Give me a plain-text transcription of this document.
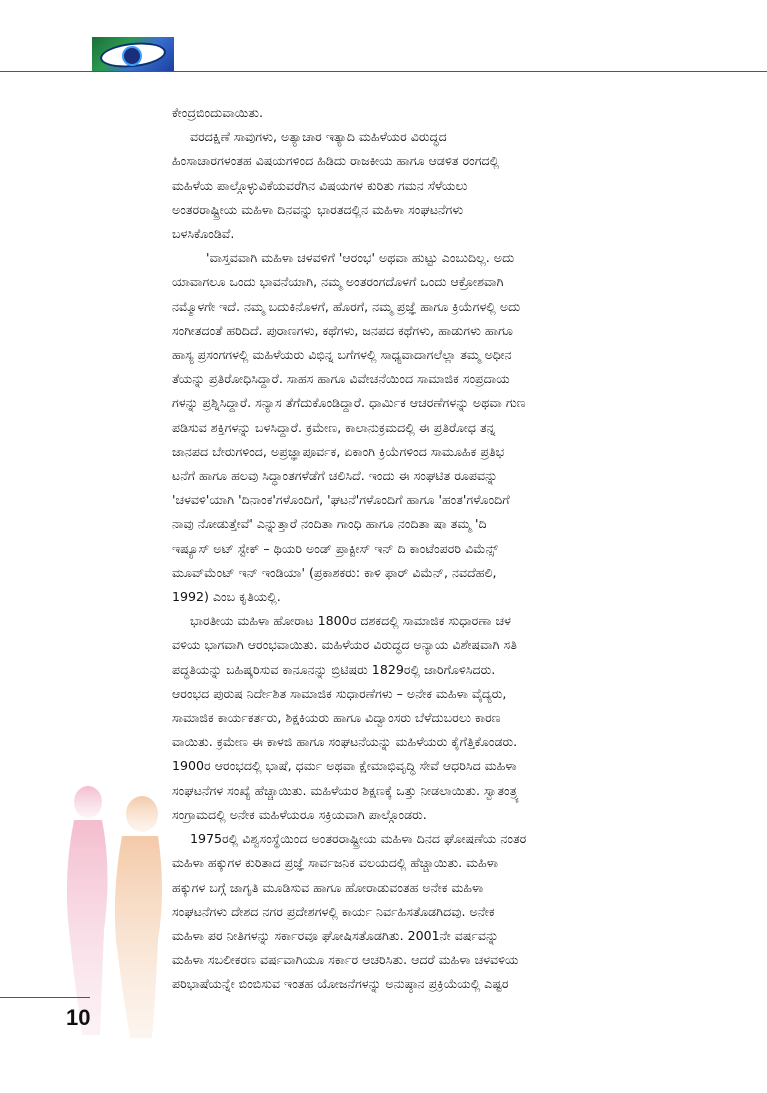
ಕೇಂದ್ರಬಿಂದುವಾಯಿತು.

ವರದಕ್ಷಿಣೆ ಸಾವುಗಳು, ಅತ್ಯಾಚಾರ ಇತ್ಯಾದಿ ಮಹಿಳೆಯರ ವಿರುದ್ಧದ
ಹಿಂಸಾಚಾರಗಳಂತಹ ವಿಷಯಗಳಿಂದ ಹಿಡಿದು ರಾಜಕೀಯ ಹಾಗೂ ಆಡಳಿತ ರಂಗದಲ್ಲಿ
ಮಹಿಳೆಯ ಪಾಲ್ಗೊಳ್ಳುವಿಕೆಯವರೆಗಿನ ವಿಷಯಗಳ ಕುರಿತು ಗಮನ ಸೆಳೆಯಲು
ಅಂತರರಾಷ್ಟ್ರೀಯ ಮಹಿಳಾ ದಿನವನ್ನು ಭಾರತದಲ್ಲಿನ ಮಹಿಳಾ ಸಂಘಟನೆಗಳು
ಬಳಸಿಕೊಂಡಿವೆ.

'ವಾಸ್ತವವಾಗಿ ಮಹಿಳಾ ಚಳವಳಿಗೆ 'ಆರಂಭ' ಅಥವಾ ಹುಟ್ಟು ಎಂಬುದಿಲ್ಲ. ಅದು
ಯಾವಾಗಲೂ ಒಂದು ಭಾವನೆಯಾಗಿ, ನಮ್ಮ ಅಂತರಂಗದೊಳಗೆ ಒಂದು ಆಕ್ರೋಶವಾಗಿ
ನಮ್ಮೊಳಗೇ ಇದೆ. ನಮ್ಮ ಬದುಕಿನೊಳಗೆ, ಹೊರಗೆ, ನಮ್ಮ ಪ್ರಜ್ಞೆ ಹಾಗೂ ಕ್ರಿಯೆಗಳಲ್ಲಿ ಅದು
ಸಂಗೀತದಂತೆ ಹರಿದಿದೆ. ಪುರಾಣಗಳು, ಕಥೆಗಳು, ಜನಪದ ಕಥೆಗಳು, ಹಾಡುಗಳು ಹಾಗೂ
ಹಾಸ್ಯ ಪ್ರಸಂಗಗಳಲ್ಲಿ ಮಹಿಳೆಯರು ವಿಭಿನ್ನ ಬಗೆಗಳಲ್ಲಿ ಸಾಧ್ಯವಾದಾಗಲೆಲ್ಲಾ ತಮ್ಮ ಅಧೀನ
ತೆಯನ್ನು ಪ್ರತಿರೋಧಿಸಿದ್ದಾರೆ. ಸಾಹಸ ಹಾಗೂ ವಿವೇಚನೆಯಿಂದ ಸಾಮಾಜಿಕ ಸಂಪ್ರದಾಯ
ಗಳನ್ನು ಪ್ರಶ್ನಿಸಿದ್ದಾರೆ. ಸನ್ಯಾಸ ತೆಗೆದುಕೊಂಡಿದ್ದಾರೆ. ಧಾರ್ಮಿಕ ಆಚರಣೆಗಳನ್ನು ಅಥವಾ ಗುಣ
ಪಡಿಸುವ ಶಕ್ತಿಗಳನ್ನು ಬಳಸಿದ್ದಾರೆ. ಕ್ರಮೇಣ, ಕಾಲಾನುಕ್ರಮದಲ್ಲಿ ಈ ಪ್ರತಿರೋಧ ತನ್ನ
ಜಾನಪದ ಬೇರುಗಳಿಂದ, ಅಪ್ರಜ್ಞಾಪೂರ್ವಕ, ಏಕಾಂಗಿ ಕ್ರಿಯೆಗಳಿಂದ ಸಾಮೂಹಿಕ ಪ್ರತಿಭ
ಟನೆಗೆ ಹಾಗೂ ಹಲವು ಸಿದ್ಧಾಂತಗಳೆಡೆಗೆ ಚಲಿಸಿದೆ. ಇಂದು ಈ ಸಂಘಟಿತ ರೂಪವನ್ನು
'ಚಳವಳಿ'ಯಾಗಿ 'ದಿನಾಂಕ'ಗಳೊಂದಿಗೆ, 'ಘಟನೆ'ಗಳೊಂದಿಗೆ ಹಾಗೂ 'ಹಂತ'ಗಳೊಂದಿಗೆ
ನಾವು ನೋಡುತ್ತೇವೆ' ಎನ್ನುತ್ತಾರೆ ನಂದಿತಾ ಗಾಂಧಿ ಹಾಗೂ ನಂದಿತಾ ಷಾ ತಮ್ಮ 'ದಿ
ಇಷ್ಯೂಸ್ ಅಟ್ ಸ್ಟೇಕ್ – ಥಿಯರಿ ಅಂಡ್ ಪ್ರಾಕ್ಟೀಸ್ ಇನ್ ದಿ ಕಾಂಟೆಂಪರರಿ ವಿಮೆನ್ಸ್
ಮೂವ್‌ಮೆಂಟ್ ಇನ್ ಇಂಡಿಯಾ' (ಪ್ರಕಾಶಕರು: ಕಾಳಿ ಫಾರ್ ವಿಮೆನ್, ನವದೆಹಲಿ,
1992) ಎಂಬ ಕೃತಿಯಲ್ಲಿ.

ಭಾರತೀಯ ಮಹಿಳಾ ಹೋರಾಟ 1800ರ ದಶಕದಲ್ಲಿ ಸಾಮಾಜಿಕ ಸುಧಾರಣಾ ಚಳ
ವಳಿಯ ಭಾಗವಾಗಿ ಆರಂಭವಾಯಿತು. ಮಹಿಳೆಯರ ವಿರುದ್ಧದ ಅನ್ಯಾಯ ವಿಶೇಷವಾಗಿ ಸತಿ
ಪದ್ಧತಿಯನ್ನು ಬಹಿಷ್ಕರಿಸುವ ಕಾನೂನನ್ನು ಬ್ರಿಟಿಷರು 1829ರಲ್ಲಿ ಜಾರಿಗೊಳಿಸಿದರು.
ಆರಂಭದ ಪುರುಷ ನಿರ್ದೇಶಿತ ಸಾಮಾಜಿಕ ಸುಧಾರಣೆಗಳು – ಅನೇಕ ಮಹಿಳಾ ವೈದ್ಯರು,
ಸಾಮಾಜಿಕ ಕಾರ್ಯಕರ್ತರು, ಶಿಕ್ಷಕಿಯರು ಹಾಗೂ ವಿದ್ವಾಂಸರು ಬೆಳೆದುಬರಲು ಕಾರಣ
ವಾಯಿತು. ಕ್ರಮೇಣ ಈ ಕಾಳಜಿ ಹಾಗೂ ಸಂಘಟನೆಯನ್ನು ಮಹಿಳೆಯರು ಕೈಗೆತ್ತಿಕೊಂಡರು.
1900ರ ಆರಂಭದಲ್ಲಿ ಭಾಷೆ, ಧರ್ಮ ಅಥವಾ ಕ್ಷೇಮಾಭಿವೃದ್ಧಿ ಸೇವೆ ಆಧರಿಸಿದ ಮಹಿಳಾ
ಸಂಘಟನೆಗಳ ಸಂಖ್ಯೆ ಹೆಚ್ಚಾಯಿತು. ಮಹಿಳೆಯರ ಶಿಕ್ಷಣಕ್ಕೆ ಒತ್ತು ನೀಡಲಾಯಿತು. ಸ್ವಾತಂತ್ರ್ಯ
ಸಂಗ್ರಾಮದಲ್ಲಿ ಅನೇಕ ಮಹಿಳೆಯರೂ ಸಕ್ರಿಯವಾಗಿ ಪಾಲ್ಗೊಂಡರು.

1975ರಲ್ಲಿ ವಿಶ್ವಸಂಸ್ಥೆಯಿಂದ ಅಂತರರಾಷ್ಟ್ರೀಯ ಮಹಿಳಾ ದಿನದ ಘೋಷಣೆಯ ನಂತರ
ಮಹಿಳಾ ಹಕ್ಕುಗಳ ಕುರಿತಾದ ಪ್ರಜ್ಞೆ ಸಾರ್ವಜನಿಕ ವಲಯದಲ್ಲಿ ಹೆಚ್ಚಾಯಿತು. ಮಹಿಳಾ
ಹಕ್ಕುಗಳ ಬಗ್ಗೆ ಜಾಗೃತಿ ಮೂಡಿಸುವ ಹಾಗೂ ಹೋರಾಡುವಂತಹ ಅನೇಕ ಮಹಿಳಾ
ಸಂಘಟನೆಗಳು ದೇಶದ ನಗರ ಪ್ರದೇಶಗಳಲ್ಲಿ ಕಾರ್ಯ ನಿರ್ವಹಿಸತೊಡಗಿದವು. ಅನೇಕ
ಮಹಿಳಾ ಪರ ನೀತಿಗಳನ್ನು ಸರ್ಕಾರವೂ ಘೋಷಿಸತೊಡಗಿತು. 2001ನೇ ವರ್ಷವನ್ನು
ಮಹಿಳಾ ಸಬಲೀಕರಣ ವರ್ಷವಾಗಿಯೂ ಸರ್ಕಾರ ಆಚರಿಸಿತು. ಆದರೆ ಮಹಿಳಾ ಚಳವಳಿಯ
ಪರಿಭಾಷೆಯನ್ನೇ ಬಿಂಬಿಸುವ ಇಂತಹ ಯೋಜನೆಗಳನ್ನು ಅನುಷ್ಠಾನ ಪ್ರಕ್ರಿಯೆಯಲ್ಲಿ ಎಷ್ಟರ

10
